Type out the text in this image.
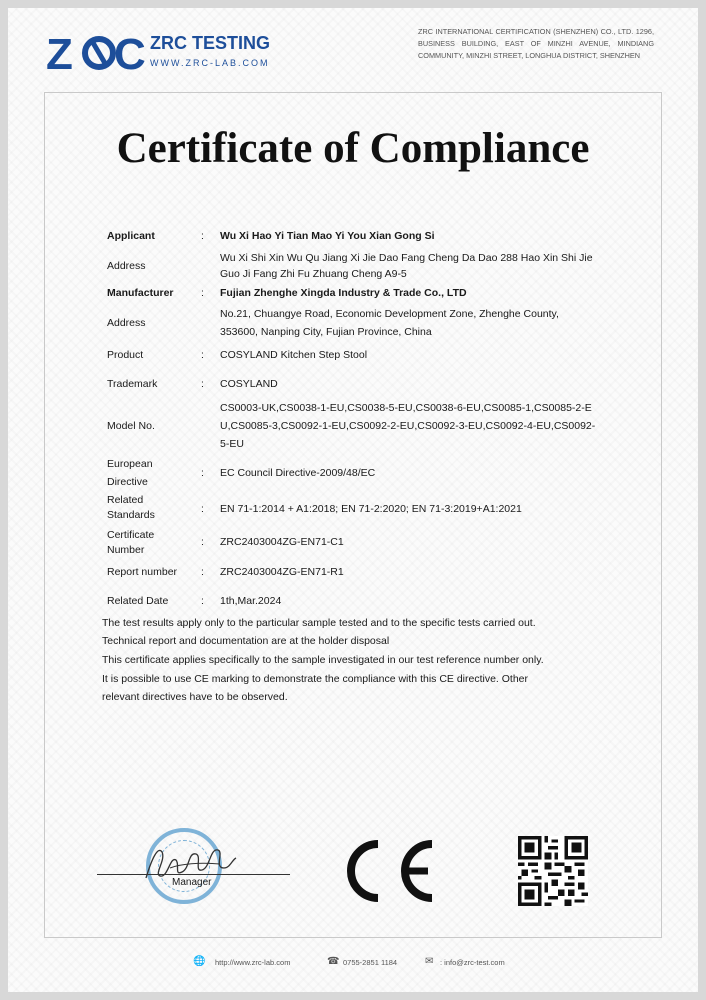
Z C ZRC TESTING
WWW.ZRC-LAB.COM
ZRC INTERNATIONAL CERTIFICATION (SHENZHEN) CO., LTD. 1296, BUSINESS BUILDING, EAST OF MINZHI AVENUE, MINDIANG COMMUNITY, MINZHI STREET, LONGHUA DISTRICT, SHENZHEN
Certificate of Compliance
Applicant	: Wu Xi Hao Yi Tian Mao Yi You Xian Gong Si
Address
Wu Xi Shi Xin Wu Qu Jiang Xi Jie Dao Fang Cheng Da Dao 288 Hao Xin Shi Jie
Guo Ji Fang Zhi Fu Zhuang Cheng A9-5
Manufacturer	: Fujian Zhenghe Xingda Industry & Trade Co., LTD
Address
No.21, Chuangye Road, Economic Development Zone, Zhenghe County,
353600, Nanping City, Fujian Province, China
Product	: COSYLAND Kitchen Step Stool
Trademark	: COSYLAND
Model No.
CS0003-UK,CS0038-1-EU,CS0038-5-EU,CS0038-6-EU,CS0085-1,CS0085-2-E
U,CS0085-3,CS0092-1-EU,CS0092-2-EU,CS0092-3-EU,CS0092-4-EU,CS0092-
5-EU
European
Directive
: EC Council Directive-2009/48/EC
Related
Standards	: EN 71-1:2014 + A1:2018; EN 71-2:2020; EN 71-3:2019+A1:2021
Certificate
Number
: ZRC2403004ZG-EN71-C1
Report number	: ZRC2403004ZG-EN71-R1
Related Date	: 1th,Mar.2024
The test results apply only to the particular sample tested and to the specific tests carried out.
Technical report and documentation are at the holder disposal
This certificate applies specifically to the sample investigated in our test reference number only.
It is possible to use CE marking to demonstrate the compliance with this CE directive. Other
relevant directives have to be observed.
Manager
🌐 http://www.zrc-lab.com	☎ 0755-2851 1184	✉ : info@zrc-test.com
